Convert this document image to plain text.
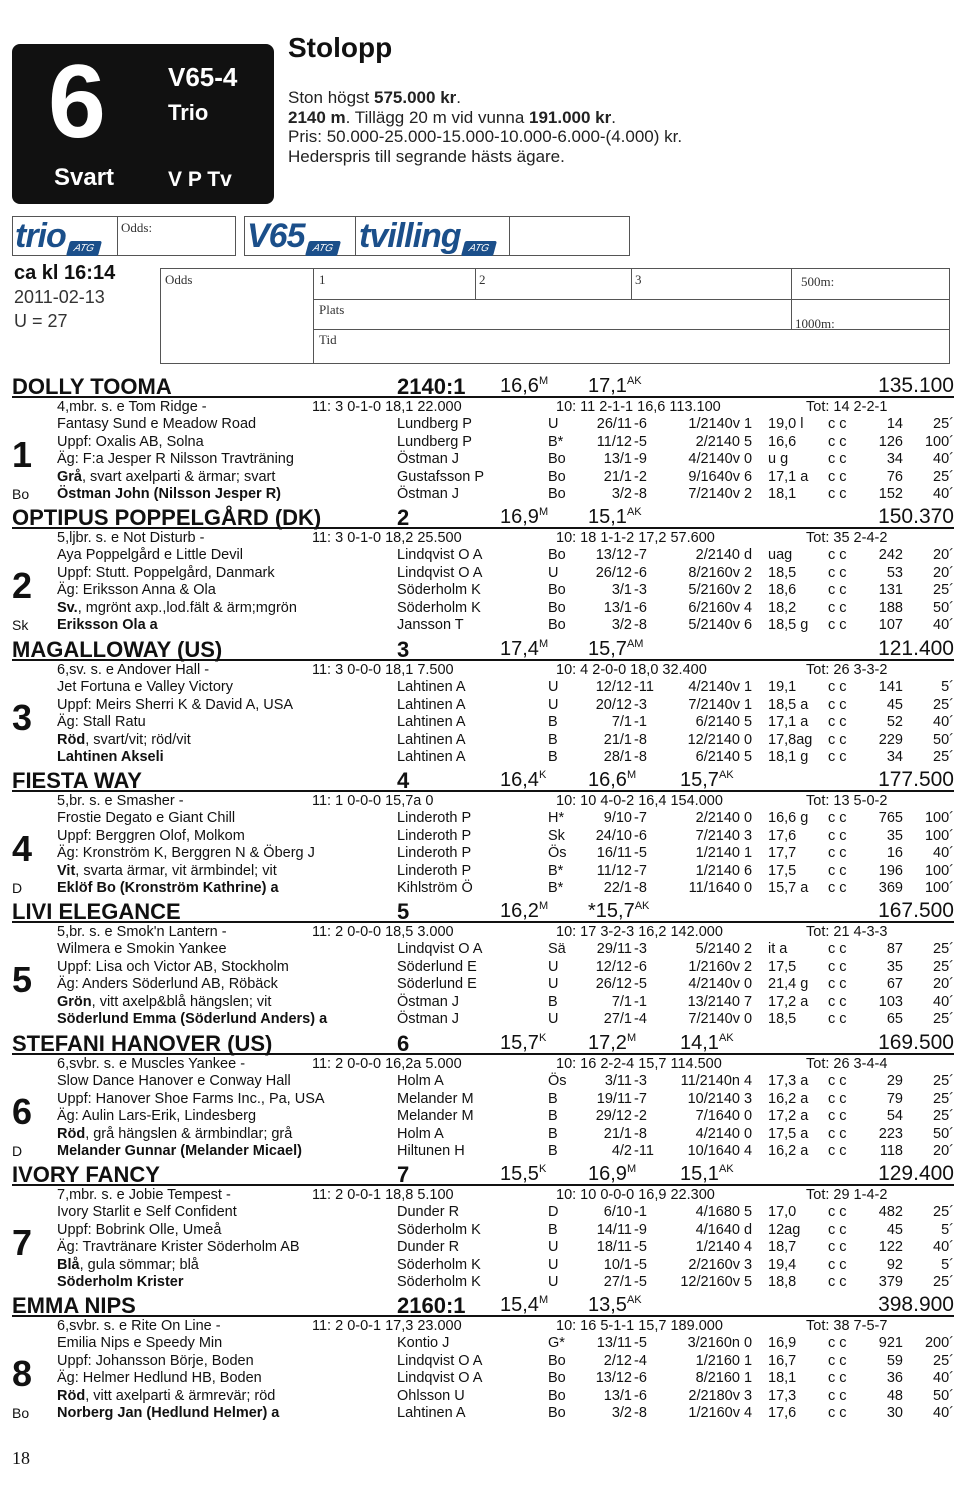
6
Svart
V65-4
Trio
V P Tv
Stolopp
Ston högst 575.000 kr.
2140 m. Tillägg 20 m vid vunna 191.000 kr.
Pris: 50.000-25.000-15.000-10.000-6.000-(4.000) kr.
Hederspris till segrande hästs ägare.
trio ATG
Odds:	V65 ATG tvilling ATG
ca kl 16:14
2011-02-13
U = 27
Odds	1	2	3
Plats
Tid
500m:
1000m:
DOLLY TOOMA	2140:1 $16,6^M$ $17,1^{AK}$	135.100
1
Bo
4,mbr. s. e Tom Ridge -	11: 3 0-1-0 18,1 22.000	10: 11 2-1-1 16,6 113.100	Tot: 14 2-2-1
Fantasy Sund e Meadow Road	Lundberg P	U	26/11 -6	1/2140v 1 19,0 l c c	14	25´
Uppf: Oxalis AB, Solna	Lundberg P	B*	11/12 -5	2/2140 5 16,6 c c	126	100´
Äg: F:a Jesper R Nilsson Travträning	Östman J	Bo	13/1 -9	4/2140v 0 u g	c c	34	40´
Grå, svart axelparti & ärmar; svart	Gustafsson P	Bo	21/1 -2	9/1640v 6 17,1 a c c	76	25´
Östman John (Nilsson Jesper R)	Östman J	Bo	3/2 -8	7/2140v 2 18,1 c c	152	40´
OPTIPUS POPPELGÅRD (DK)	2	$16,9^M$ $15,1^{AK}$	150.370
2
Sk
5,ljbr. s. e Not Disturb -	11: 3 0-1-0 18,2 25.500	10: 18 1-1-2 17,2 57.600	Tot: 35 2-4-2
Aya Poppelgård e Little Devil	Lindqvist O A	Bo 13/12 -7	2/2140 d uag c c	242	20´
Uppf: Stutt. Poppelgård, Danmark	Lindqvist O A	U	26/12 -6	8/2160v 2 18,5 c c	53	20´
Äg: Eriksson Anna & Ola	Söderholm K	Bo	3/1 -3	5/2160v 2 18,6 c c	131	25´
Sv., mgrönt axp.,lod.fält & ärm;mgrön	Söderholm K	Bo	13/1 -6	6/2160v 4 18,2 c c	188	50´
Eriksson Ola a	Jansson T	Bo	3/2 -8	5/2140v 6 18,5 g c c	107	40´
MAGALLOWAY (US)	3	$17,4^M$ $15,7^{AM}$	121.400
3
6,sv. s. e Andover Hall -	11: 3 0-0-0 18,1 7.500	10: 4 2-0-0 18,0 32.400	Tot: 26 3-3-2
Jet Fortuna e Valley Victory	Lahtinen A	U	12/12 -11	4/2140v 1 19,1 c c	141	5´
Uppf: Meirs Sherri K & David A, USA	Lahtinen A	U	20/12 -3	7/2140v 1 18,5 a c c	45	25´
Äg: Stall Ratu	Lahtinen A	B	7/1 -1	6/2140 5 17,1 a c c	52	40´
Röd, svart/vit; röd/vit	Lahtinen A	B	21/1 -8	12/2140 0 17,8ag c c	229	50´
Lahtinen Akseli	Lahtinen A	B	28/1 -8	6/2140 5 18,1 g c c	34	25´
FIESTA WAY	4	$16,4^K$ $16,6^M$ $15,7^{AK}$	177.500
4
D
5,br. s. e Smasher -	11: 1 0-0-0 15,7a 0	10: 10 4-0-2 16,4 154.000	Tot: 13 5-0-2
Frostie Degato e Giant Chill	Linderoth P	H*	9/10 -7	2/2140 0 16,6 g c c	765	100´
Uppf: Berggren Olof, Molkom	Linderoth P	Sk 24/10 -6	7/2140 3 17,6 c c	35	100´
Äg: Kronström K, Berggren N & Öberg J	Linderoth P	Ös	16/11 -5	1/2140 1 17,7 c c	16	40´
Vit, svarta ärmar, vit ärmbindel; vit	Linderoth P	B*	11/12 -7	1/2140 6 17,5 c c	196	100´
Eklöf Bo (Kronström Kathrine) a	Kihlström Ö	B*	22/1 -8	11/1640 0 15,7 a c c	369	100´
LIVI ELEGANCE	5	$16,2^M$ $*15,7^{AK}$	167.500
5
5,br. s. e Smok'n Lantern -	11: 2 0-0-0 18,5 3.000	10: 17 3-2-3 16,2 142.000	Tot: 21 4-3-3
Wilmera e Smokin Yankee	Lindqvist O A	Sä	29/11 -3	5/2140 2 it a	c c	87	25´
Uppf: Lisa och Victor AB, Stockholm	Söderlund E	U	12/12 -6	1/2160v 2 17,5 c c	35	25´
Äg: Anders Söderlund AB, Röbäck	Söderlund E	U	26/12 -5	4/2140v 0 21,4 g c c	67	20´
Grön, vitt axelp&blå hängslen; vit	Östman J	B	7/1 -1	13/2140 7 17,2 a c c	103	40´
Söderlund Emma (Söderlund Anders) a	Östman J	U	27/1 -4	7/2140v 0 18,5 c c	65	25´
STEFANI HANOVER (US)	6	$15,7^K$ $17,2^M$ $14,1^{AK}$	169.500
6
D
6,svbr. s. e Muscles Yankee -	11: 2 0-0-0 16,2a 5.000	10: 16 2-2-4 15,7 114.500	Tot: 26 3-4-4
Slow Dance Hanover e Conway Hall	Holm A	Ös	3/11 -3 11/2140n 4 17,3 a c c	29	25´
Uppf: Hanover Shoe Farms Inc., Pa, USA	Melander M	B	19/11 -7	10/2140 3 16,2 a c c	79	25´
Äg: Aulin Lars-Erik, Lindesberg	Melander M	B	29/12 -2	7/1640 0 17,2 a c c	54	25´
Röd, grå hängslen & ärmbindlar; grå	Holm A	B	21/1 -8	4/2140 0 17,5 a c c	223	50´
Melander Gunnar (Melander Micael)	Hiltunen H	B	4/2 -11	10/1640 4 16,2 a c c	118	20´
IVORY FANCY	7	$15,5^K$ $16,9^M$ $15,1^{AK}$	129.400
7
7,mbr. s. e Jobie Tempest -	11: 2 0-0-1 18,8 5.100	10: 10 0-0-0 16,9 22.300	Tot: 29 1-4-2
Ivory Starlit e Self Confident	Dunder R	D	6/10 -1	4/1680 5 17,0 c c	482	25´
Uppf: Bobrink Olle, Umeå	Söderholm K	B	14/11 -9	4/1640 d 12ag c c	45	5´
Äg: Travtränare Krister Söderholm AB	Dunder R	U	18/11 -5	1/2140 4 18,7 c c	122	40´
Blå, gula sömmar; blå	Söderholm K	U	10/1 -5	2/2160v 3 19,4 c c	92	5´
Söderholm Krister	Söderholm K	U	27/1 -5 12/2160v 5 18,8 c c	379	25´
EMMA NIPS	2160:1 $15,4^M$ $13,5^{AK}$	398.900
8
Bo
6,svbr. s. e Rite On Line -	11: 2 0-0-1 17,3 23.000	10: 16 5-1-1 15,7 189.000	Tot: 38 7-5-7
Emilia Nips e Speedy Min	Kontio J	G*	13/11 -5	3/2160n 0 16,9 c c	921	200´
Uppf: Johansson Börje, Boden	Lindqvist O A	Bo	2/12 -4	1/2160 1 16,7 c c	59	25´
Äg: Helmer Hedlund HB, Boden	Lindqvist O A	Bo 13/12 -6	8/2160 1 18,1 c c	36	40´
Röd, vitt axelparti & ärmrevär; röd	Ohlsson U	Bo	13/1 -6	2/2180v 3 17,3 c c	48	50´
Norberg Jan (Hedlund Helmer) a	Lahtinen A	Bo	3/2 -8	1/2160v 4 17,6 c c	30	40´
18
